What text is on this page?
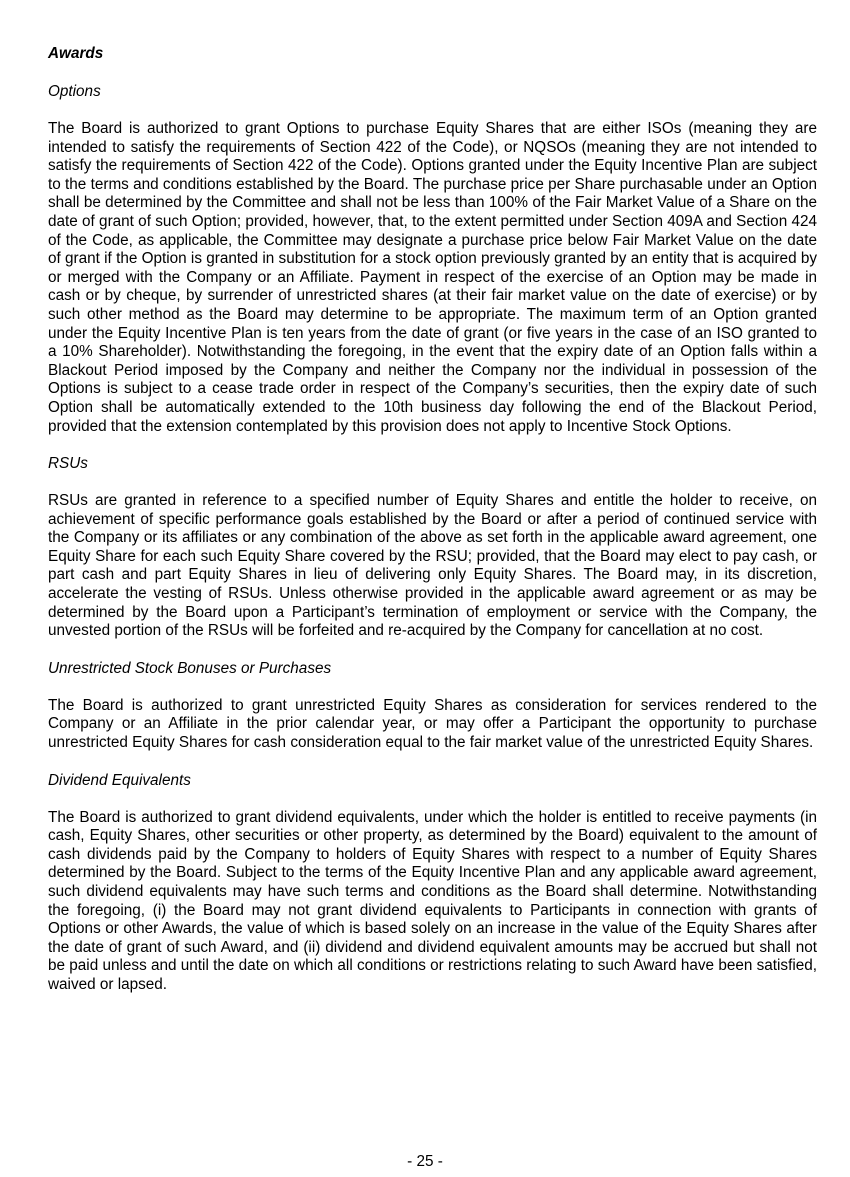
Awards

Options

The Board is authorized to grant Options to purchase Equity Shares that are either ISOs (meaning they are intended to satisfy the requirements of Section 422 of the Code), or NQSOs (meaning they are not intended to satisfy the requirements of Section 422 of the Code). Options granted under the Equity Incentive Plan are subject to the terms and conditions established by the Board. The purchase price per Share purchasable under an Option shall be determined by the Committee and shall not be less than 100% of the Fair Market Value of a Share on the date of grant of such Option; provided, however, that, to the extent permitted under Section 409A and Section 424 of the Code, as applicable, the Committee may designate a purchase price below Fair Market Value on the date of grant if the Option is granted in substitution for a stock option previously granted by an entity that is acquired by or merged with the Company or an Affiliate. Payment in respect of the exercise of an Option may be made in cash or by cheque, by surrender of unrestricted shares (at their fair market value on the date of exercise) or by such other method as the Board may determine to be appropriate. The maximum term of an Option granted under the Equity Incentive Plan is ten years from the date of grant (or five years in the case of an ISO granted to a 10% Shareholder). Notwithstanding the foregoing, in the event that the expiry date of an Option falls within a Blackout Period imposed by the Company and neither the Company nor the individual in possession of the Options is subject to a cease trade order in respect of the Company’s securities, then the expiry date of such Option shall be automatically extended to the 10th business day following the end of the Blackout Period, provided that the extension contemplated by this provision does not apply to Incentive Stock Options.

RSUs

RSUs are granted in reference to a specified number of Equity Shares and entitle the holder to receive, on achievement of specific performance goals established by the Board or after a period of continued service with the Company or its affiliates or any combination of the above as set forth in the applicable award agreement, one Equity Share for each such Equity Share covered by the RSU; provided, that the Board may elect to pay cash, or part cash and part Equity Shares in lieu of delivering only Equity Shares. The Board may, in its discretion, accelerate the vesting of RSUs. Unless otherwise provided in the applicable award agreement or as may be determined by the Board upon a Participant’s termination of employment or service with the Company, the unvested portion of the RSUs will be forfeited and re-acquired by the Company for cancellation at no cost.

Unrestricted Stock Bonuses or Purchases

The Board is authorized to grant unrestricted Equity Shares as consideration for services rendered to the Company or an Affiliate in the prior calendar year, or may offer a Participant the opportunity to purchase unrestricted Equity Shares for cash consideration equal to the fair market value of the unrestricted Equity Shares.

Dividend Equivalents

The Board is authorized to grant dividend equivalents, under which the holder is entitled to receive payments (in cash, Equity Shares, other securities or other property, as determined by the Board) equivalent to the amount of cash dividends paid by the Company to holders of Equity Shares with respect to a number of Equity Shares determined by the Board. Subject to the terms of the Equity Incentive Plan and any applicable award agreement, such dividend equivalents may have such terms and conditions as the Board shall determine. Notwithstanding the foregoing, (i) the Board may not grant dividend equivalents to Participants in connection with grants of Options or other Awards, the value of which is based solely on an increase in the value of the Equity Shares after the date of grant of such Award, and (ii) dividend and dividend equivalent amounts may be accrued but shall not be paid unless and until the date on which all conditions or restrictions relating to such Award have been satisfied, waived or lapsed.

- 25 -
